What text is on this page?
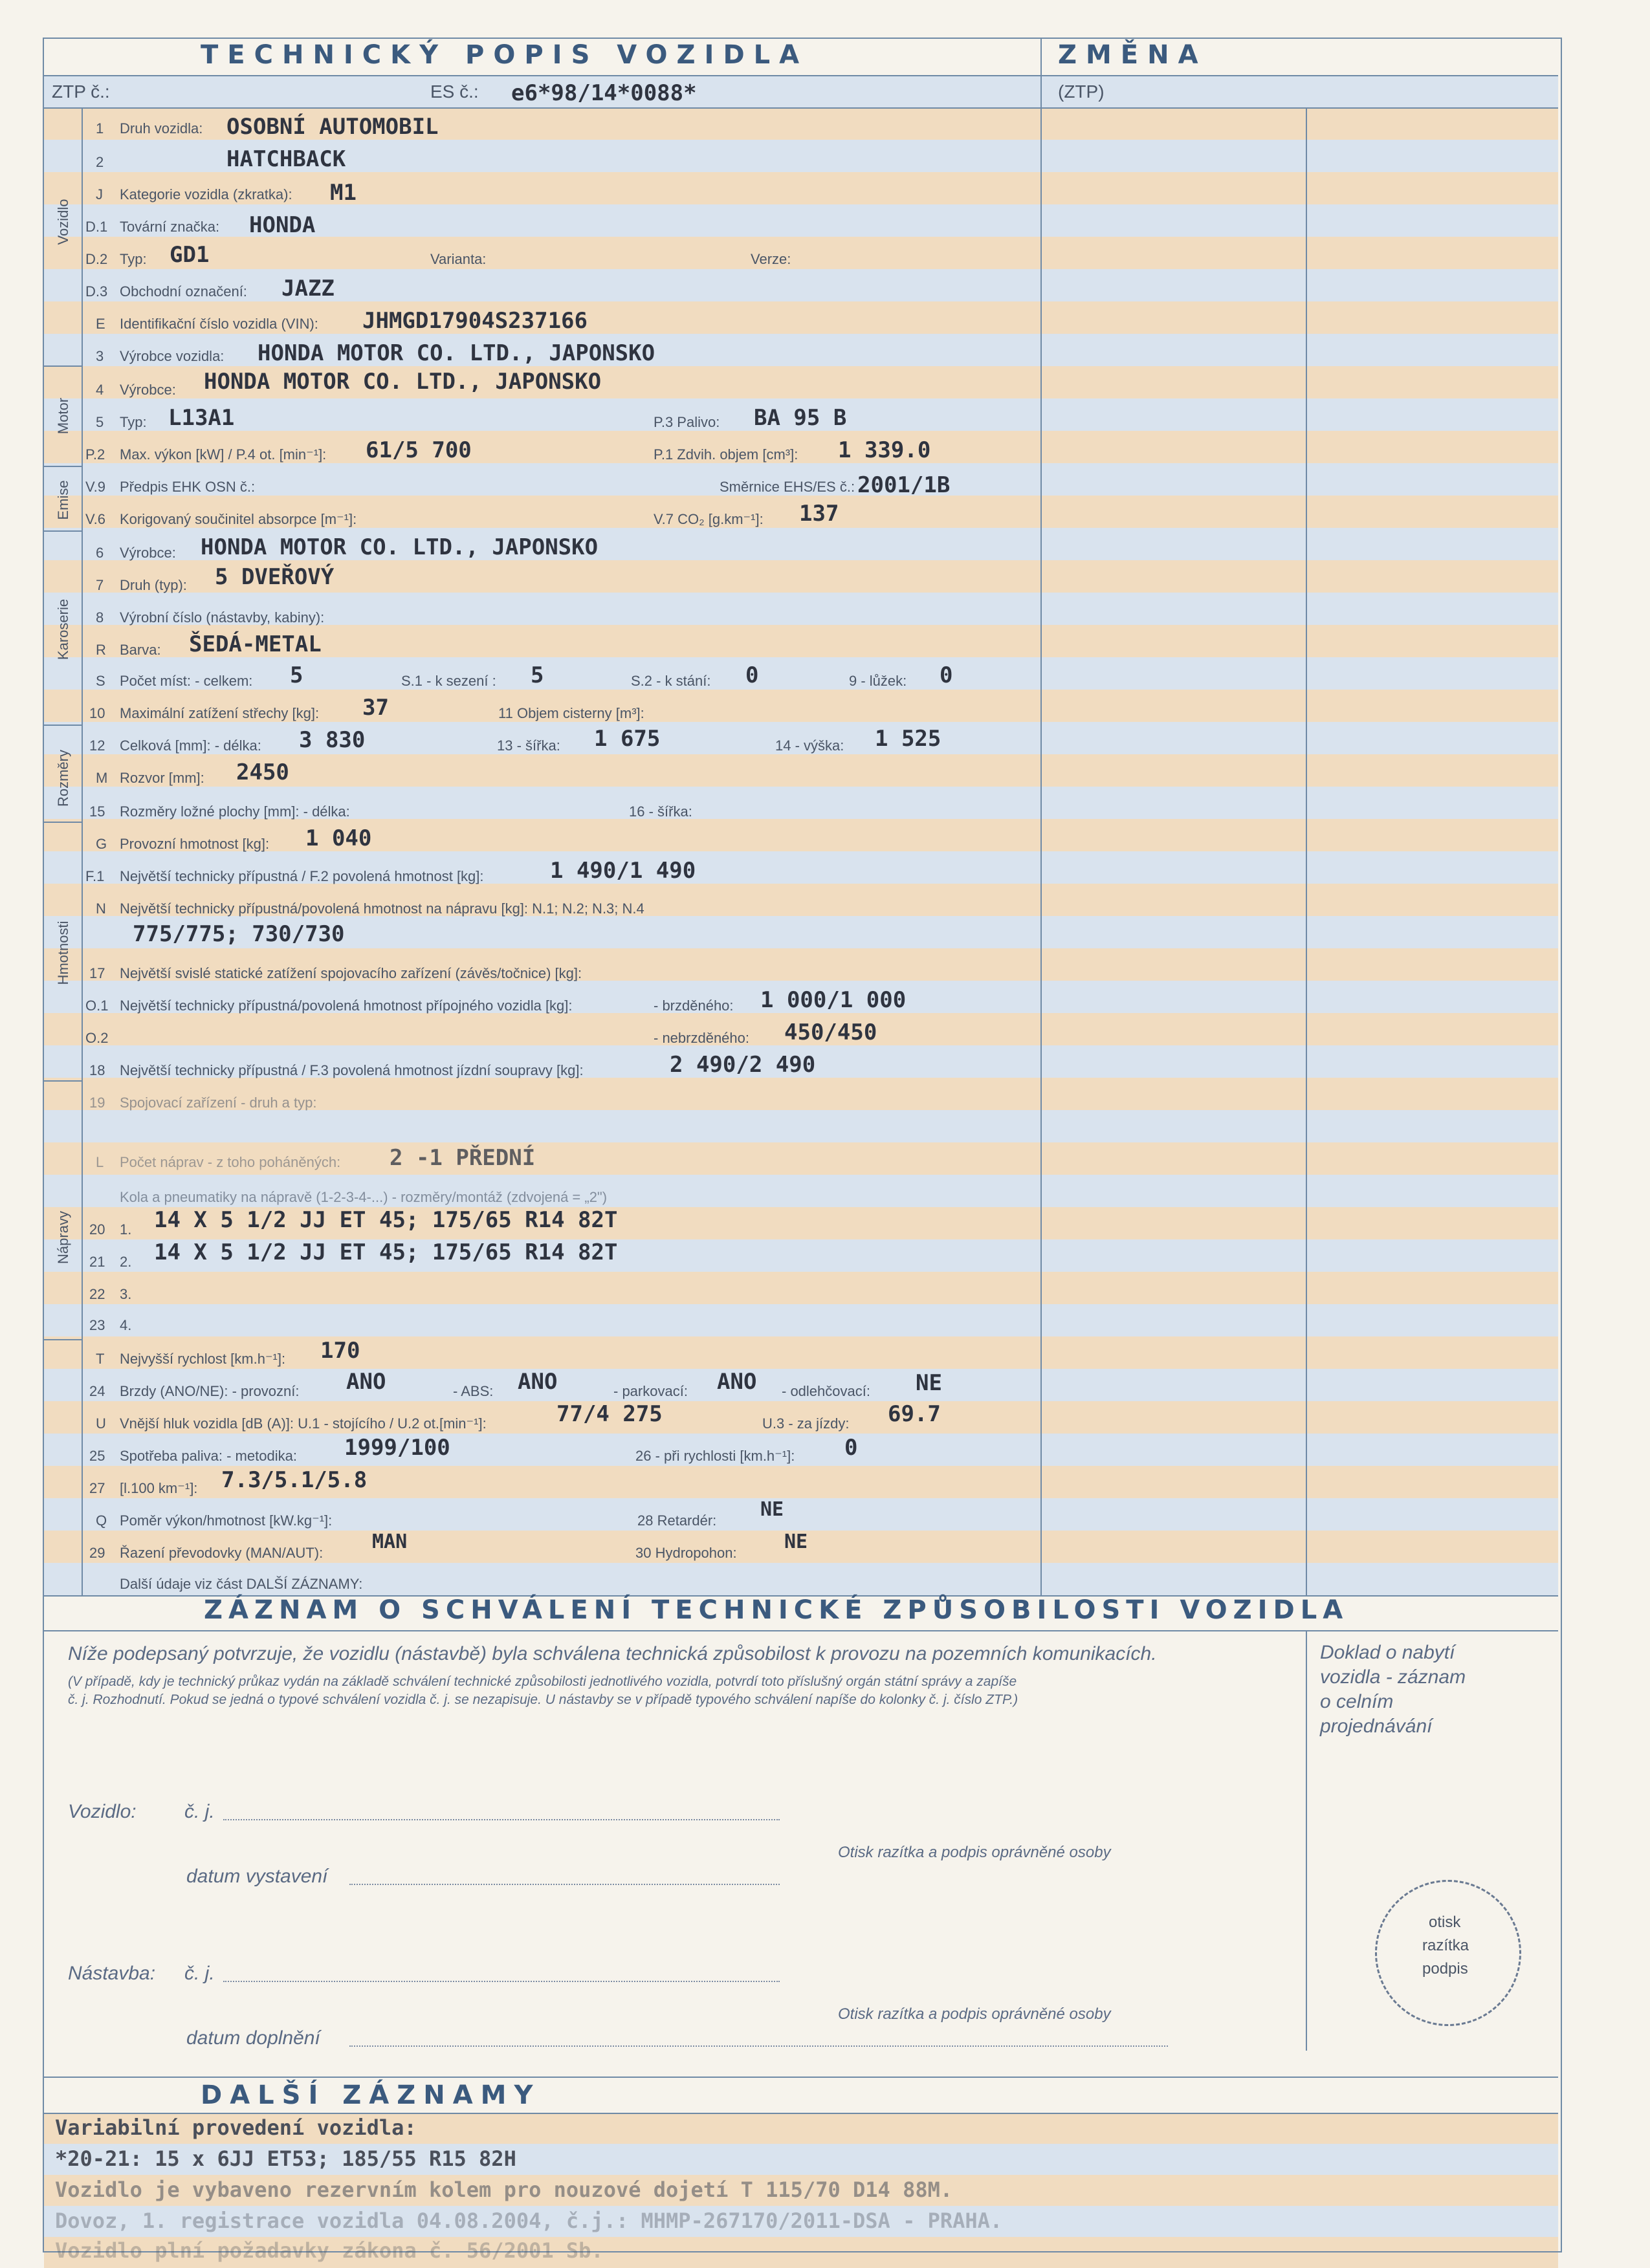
TECHNICKÝ POPIS VOZIDLA	ZMĚNA
ZTP č.:	ES č.: e6*98/14*0088*	(ZTP)
Vozidlo
Motor
Emise
Karoserie
Rozměry
Hmotnosti
Nápravy
1 Druh vozidla: OSOBNÍ AUTOMOBIL
2	HATCHBACK
J Kategorie vozidla (zkratka): M1
D.1 Tovární značka: HONDA
D.2 Typ: GD1	Varianta:	Verze:
D.3 Obchodní označení: JAZZ
E Identifikační číslo vozidla (VIN): JHMGD17904S237166
3 Výrobce vozidla: HONDA MOTOR CO. LTD., JAPONSKO
4 Výrobce: HONDA MOTOR CO. LTD., JAPONSKO
5 Typ: L13A1	P.3 Palivo: BA 95 B
P.2 Max. výkon [kW] / P.4 ot. [min⁻¹]: 61/5 700	P.1 Zdvih. objem [cm³]: 1 339.0
V.9 Předpis EHK OSN č.:	Směrnice EHS/ES č.: 2001/1B
V.6 Korigovaný součinitel absorpce [m⁻¹]:	V.7 CO₂ [g.km⁻¹]: 137
6 Výrobce: HONDA MOTOR CO. LTD., JAPONSKO
7 Druh (typ): 5 DVEŘOVÝ
8 Výrobní číslo (nástavby, kabiny):
R Barva: ŠEDÁ-METAL
S Počet míst: - celkem: 5	S.1 - k sezení : 5	S.2 - k stání: 0	9 - lůžek: 0
10 Maximální zatížení střechy [kg]: 37	11 Objem cisterny [m³]:
12 Celková [mm]: - délka: 3 830	13 - šířka: 1 675	14 - výška: 1 525
M Rozvor [mm]: 2450
15 Rozměry ložné plochy [mm]: - délka:	16 - šířka:
G Provozní hmotnost [kg]: 1 040
F.1 Největší technicky přípustná / F.2 povolená hmotnost [kg]:	1 490/1 490
N Největší technicky přípustná/povolená hmotnost na nápravu [kg]: N.1; N.2; N.3; N.4
775/775; 730/730
17 Největší svislé statické zatížení spojovacího zařízení (závěs/točnice) [kg]:
O.1 Největší technicky přípustná/povolená hmotnost přípojného vozidla [kg]:	- brzděného: 1 000/1 000
O.2	- nebrzděného: 450/450
18 Největší technicky přípustná / F.3 povolená hmotnost jízdní soupravy [kg]:	2 490/2 490
19 Spojovací zařízení - druh a typ:
L Počet náprav - z toho poháněných: 2 -1 PŘEDNÍ
Kola a pneumatiky na nápravě (1-2-3-4-...) - rozměry/montáž (zdvojená = „2")
20 1. 14 X 5 1/2 JJ ET 45; 175/65 R14 82T
21 2. 14 X 5 1/2 JJ ET 45; 175/65 R14 82T
22 3.
23 4.
T Nejvyšší rychlost [km.h⁻¹]: 170
24 Brzdy (ANO/NE): - provozní: ANO	- ABS: ANO	- parkovací: ANO - odlehčovací: NE
U Vnější hluk vozidla [dB (A)]: U.1 - stojícího / U.2 ot.[min⁻¹]:	77/4 275	U.3 - za jízdy: 69.7
25 Spotřeba paliva: - metodika: 1999/100	26 - při rychlosti [km.h⁻¹]: 0
27 [l.100 km⁻¹]: 7.3/5.1/5.8
Q Poměr výkon/hmotnost [kW.kg⁻¹]:	28 Retardér: NE
29 Řazení převodovky (MAN/AUT):	MAN	30 Hydropohon: NE
Další údaje viz část DALŠÍ ZÁZNAMY:
ZÁZNAM O SCHVÁLENÍ TECHNICKÉ ZPŮSOBILOSTI VOZIDLA
Níže podepsaný potvrzuje, že vozidlu (nástavbě) byla schválena technická způsobilost k provozu na pozemních komunikacích.
(V případě, kdy je technický průkaz vydán na základě schválení technické způsobilosti jednotlivého vozidla, potvrdí toto příslušný orgán státní správy a zapíše
č. j. Rozhodnutí. Pokud se jedná o typové schválení vozidla č. j. se nezapisuje. U nástavby se v případě typového schválení napíše do kolonky č. j. číslo ZTP.)
Doklad o nabytí
vozidla - záznam
o celním
projednávání
Vozidlo: č. j.
datum vystavení
Otisk razítka a podpis oprávněné osoby
Nástavba: č. j.
datum doplnění
Otisk razítka a podpis oprávněné osoby
otisk
razítka
podpis
DALŠÍ ZÁZNAMY
Variabilní provedení vozidla:
*20-21: 15 x 6JJ ET53; 185/55 R15 82H
Vozidlo je vybaveno rezervním kolem pro nouzové dojetí T 115/70 D14 88M.
Dovoz, 1. registrace vozidla 04.08.2004, č.j.: MHMP-267170/2011-DSA - PRAHA.
Vozidlo plní požadavky zákona č. 56/2001 Sb.
